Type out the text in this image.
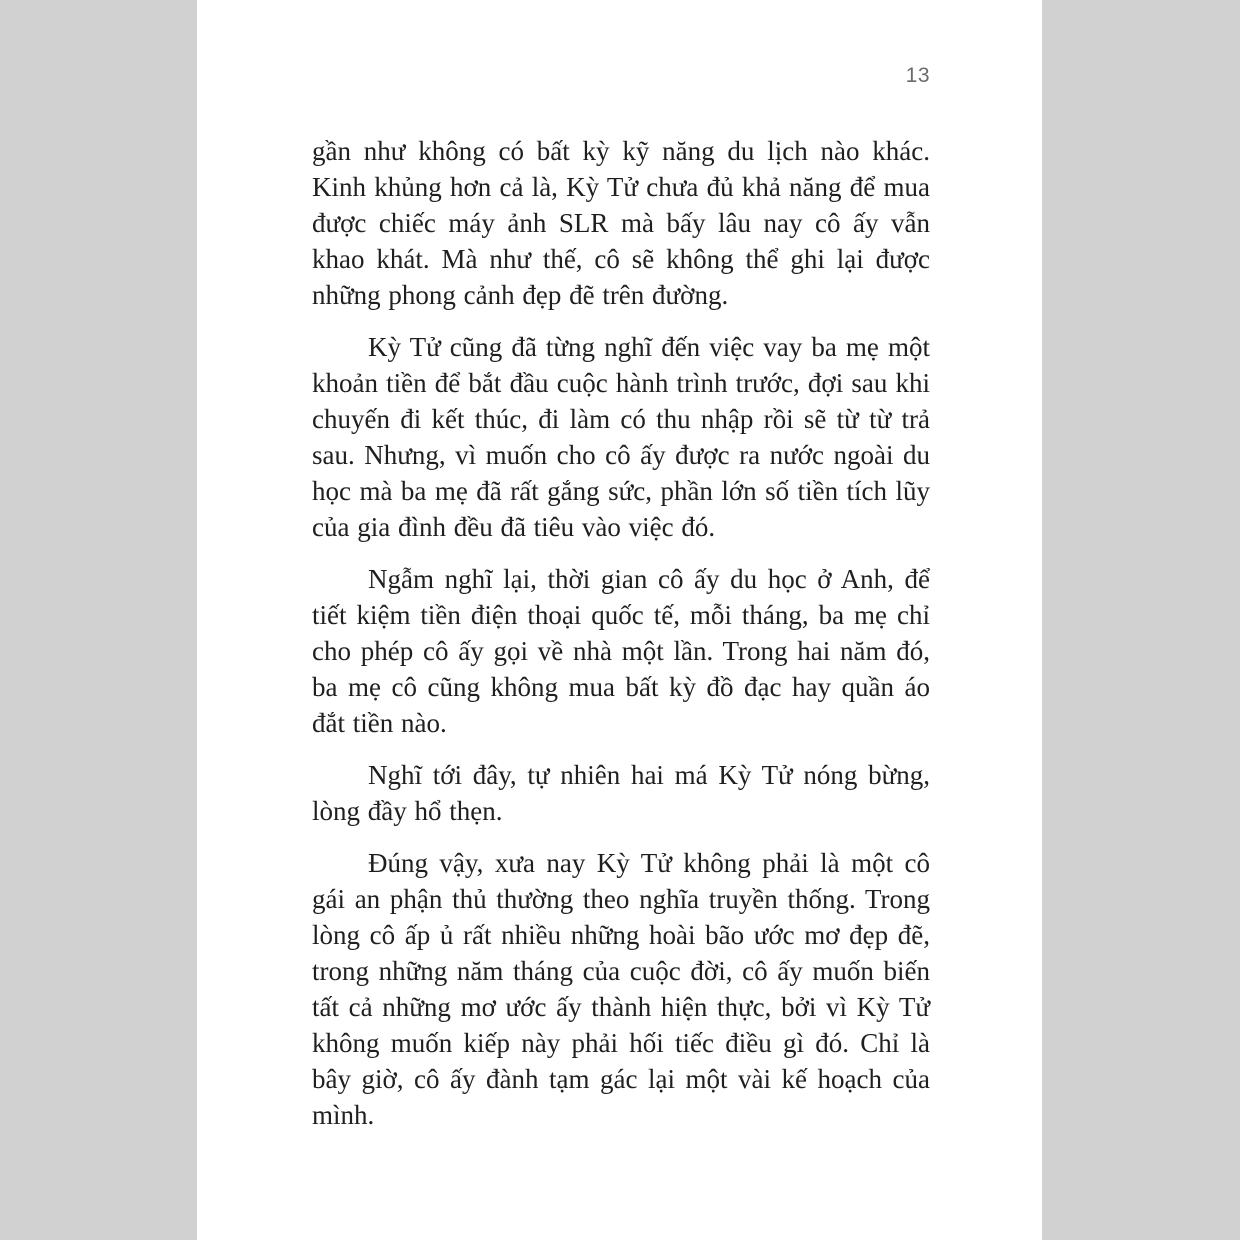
13

gần như không có bất kỳ kỹ năng du lịch nào khác. Kinh khủng hơn cả là, Kỳ Tử chưa đủ khả năng để mua được chiếc máy ảnh SLR mà bấy lâu nay cô ấy vẫn khao khát. Mà như thế, cô sẽ không thể ghi lại được những phong cảnh đẹp đẽ trên đường.

Kỳ Tử cũng đã từng nghĩ đến việc vay ba mẹ một khoản tiền để bắt đầu cuộc hành trình trước, đợi sau khi chuyến đi kết thúc, đi làm có thu nhập rồi sẽ từ từ trả sau. Nhưng, vì muốn cho cô ấy được ra nước ngoài du học mà ba mẹ đã rất gắng sức, phần lớn số tiền tích lũy của gia đình đều đã tiêu vào việc đó.

Ngẫm nghĩ lại, thời gian cô ấy du học ở Anh, để tiết kiệm tiền điện thoại quốc tế, mỗi tháng, ba mẹ chỉ cho phép cô ấy gọi về nhà một lần. Trong hai năm đó, ba mẹ cô cũng không mua bất kỳ đồ đạc hay quần áo đắt tiền nào.

Nghĩ tới đây, tự nhiên hai má Kỳ Tử nóng bừng, lòng đầy hổ thẹn.

Đúng vậy, xưa nay Kỳ Tử không phải là một cô gái an phận thủ thường theo nghĩa truyền thống. Trong lòng cô ấp ủ rất nhiều những hoài bão ước mơ đẹp đẽ, trong những năm tháng của cuộc đời, cô ấy muốn biến tất cả những mơ ước ấy thành hiện thực, bởi vì Kỳ Tử không muốn kiếp này phải hối tiếc điều gì đó. Chỉ là bây giờ, cô ấy đành tạm gác lại một vài kế hoạch của mình.
